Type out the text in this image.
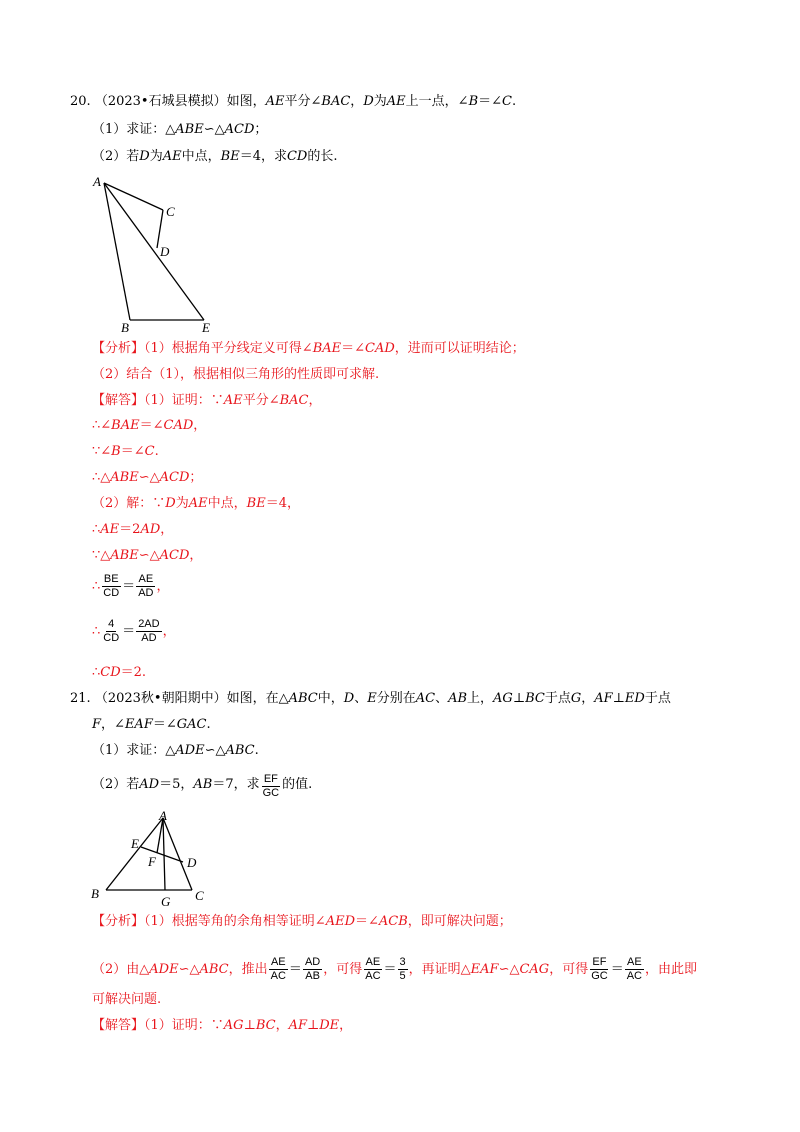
20. （2023•石城县模拟）如图，AE平分∠BAC，D为AE上一点，∠B＝∠C.
（1）求证：△ABE∽△ACD；
（2）若D为AE中点，BE＝4，求CD的长.
A
C
D
B	E
【分析】（1）根据角平分线定义可得∠BAE＝∠CAD，进而可以证明结论；
（2）结合（1），根据相似三角形的性质即可求解.
【解答】（1）证明：∵AE平分∠BAC，
∴∠BAE＝∠CAD，
∵∠B＝∠C.
∴△ABE∽△ACD；
（2）解：∵D为AE中点，BE＝4，
∴AE＝2AD，
∵△ABE∽△ACD，
∴ $\frac{BE}{CD} = \frac{AE}{AD}$ ，
∴ $\frac{4}{CD} = \frac{2AD}{AD}$ ，
∴CD＝2.
21. （2023秋•朝阳期中）如图，在△ABC中，D、E分别在AC、AB上，AG⊥BC于点G，AF⊥ED于点
F，∠EAF＝∠GAC.
（1）求证：△ADE∽△ABC.
（2）若AD＝5，AB＝7，求 $\frac{EF}{GC}$ 的值.
A
E
F D
B
G C
【分析】（1）根据等角的余角相等证明∠AED＝∠ACB，即可解决问题；
（2）由△ADE∽△ABC，推出 $\frac{AE}{AC} = \frac{AD}{AB}$ ，可得 $\frac{AE}{AC} = \frac{3}{5}$ ，再证明△EAF∽△CAG，可得 $\frac{EF}{GC} = \frac{AE}{AC}$ ，由此即
可解决问题.
【解答】（1）证明：∵AG⊥BC，AF⊥DE，
